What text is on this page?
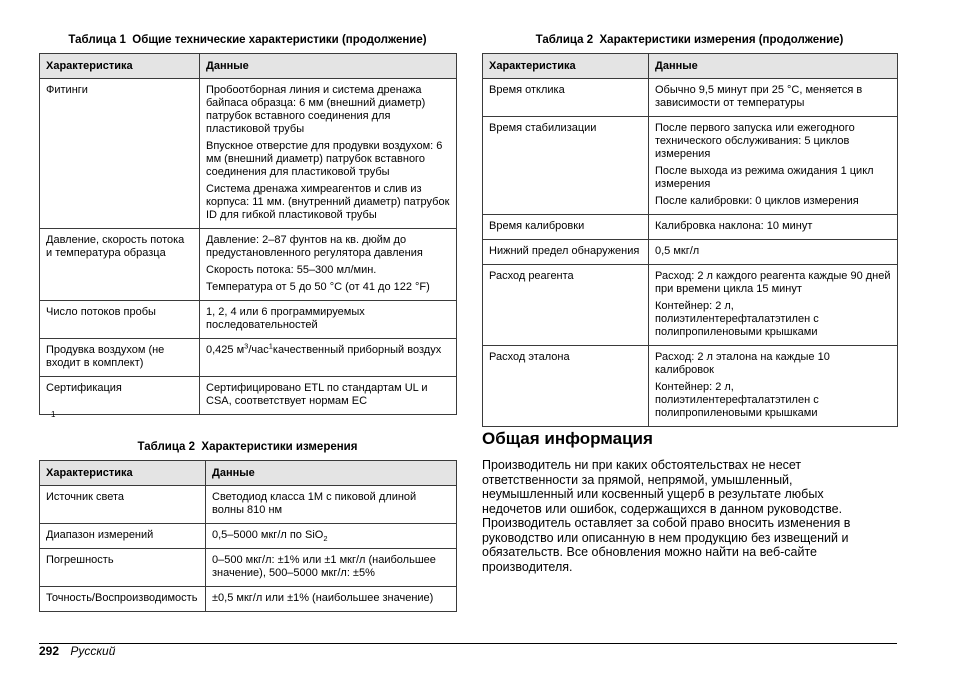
Таблица 1  Общие технические характеристики (продолжение)
Характеристика	Данные
Фитинги	Пробоотборная линия и система дренажа байпаса образца: 6 мм (внешний диаметр) патрубок вставного соединения для пластиковой трубы

Впускное отверстие для продувки воздухом: 6 мм (внешний диаметр) патрубок вставного соединения для пластиковой трубы

Система дренажа химреагентов и слив из корпуса: 11 мм. (внутренний диаметр) патрубок ID для гибкой пластиковой трубы

Давление, скорость потока и температура образца	Давление: 2–87 фунтов на кв. дюйм до предустановленного регулятора давления

Скорость потока: 55–300 мл/мин.

Температура от 5 до 50 °C (от 41 до 122 °F)

Число потоков пробы	1, 2, 4 или 6 программируемых последовательностей
Продувка воздухом (не входит в комплект)	0,425 $м^3/час^1качественный$ приборный воздух
Сертификация	Сертифицировано ETL по стандартам UL и CSA, соответствует нормам EC
1
Таблица 2  Характеристики измерения
Характеристика	Данные
Источник света	Светодиод класса 1M с пиковой длиной волны 810 нм
Диапазон измерений	0,5–5000 мкг/л по SiO$_2$
Погрешность	0–500 мкг/л: ±1% или ±1 мкг/л (наибольшее значение), 500–5000 мкг/л: ±5%
Точность/Воспроизводимость	±0,5 мкг/л или ±1% (наибольшее значение)
Таблица 2  Характеристики измерения (продолжение)
Характеристика	Данные
Время отклика	Обычно 9,5 минут при 25 °C, меняется в зависимости от температуры
Время стабилизации	После первого запуска или ежегодного технического обслуживания: 5 циклов измерения

После выхода из режима ожидания 1 цикл измерения

После калибровки: 0 циклов измерения

Время калибровки	Калибровка наклона: 10 минут
Нижний предел обнаружения	0,5 мкг/л
Расход реагента	Расход: 2 л каждого реагента каждые 90 дней при времени цикла 15 минут

Контейнер: 2 л, полиэтилентерефталатэтилен с полипропиленовыми крышками

Расход эталона	Расход: 2 л эталона на каждые 10 калибровок

Контейнер: 2 л, полиэтилентерефталатэтилен с полипропиленовыми крышками

Общая информация

Производитель ни при каких обстоятельствах не несет ответственности за прямой, непрямой, умышленный, неумышленный или косвенный ущерб в результате любых недочетов или ошибок, содержащихся в данном руководстве. Производитель оставляет за собой право вносить изменения в руководство или описанную в нем продукцию без извещений и обязательств. Все обновления можно найти на веб-сайте производителя.

292 Русский
